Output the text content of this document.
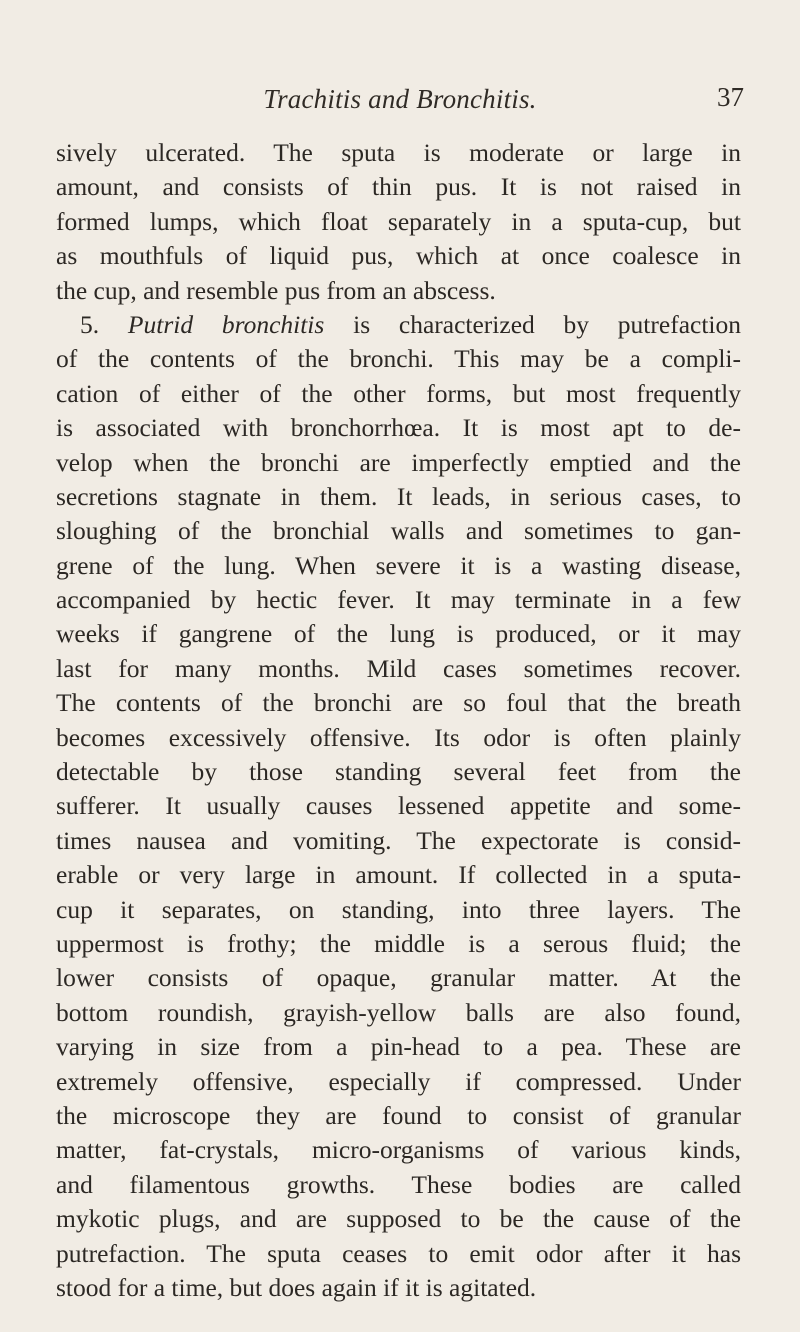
Trachitis and Bronchitis.	37
sively ulcerated. The sputa is moderate or large in
amount, and consists of thin pus. It is not raised in
formed lumps, which float separately in a sputa-cup, but
as mouthfuls of liquid pus, which at once coalesce in
the cup, and resemble pus from an abscess.
5. Putrid bronchitis is characterized by putrefaction
of the contents of the bronchi. This may be a compli-
cation of either of the other forms, but most frequently
is associated with bronchorrhœa. It is most apt to de-
velop when the bronchi are imperfectly emptied and the
secretions stagnate in them. It leads, in serious cases, to
sloughing of the bronchial walls and sometimes to gan-
grene of the lung. When severe it is a wasting disease,
accompanied by hectic fever. It may terminate in a few
weeks if gangrene of the lung is produced, or it may
last for many months. Mild cases sometimes recover.
The contents of the bronchi are so foul that the breath
becomes excessively offensive. Its odor is often plainly
detectable by those standing several feet from the
sufferer. It usually causes lessened appetite and some-
times nausea and vomiting. The expectorate is consid-
erable or very large in amount. If collected in a sputa-
cup it separates, on standing, into three layers. The
uppermost is frothy; the middle is a serous fluid; the
lower consists of opaque, granular matter. At the
bottom roundish, grayish-yellow balls are also found,
varying in size from a pin-head to a pea. These are
extremely offensive, especially if compressed. Under
the microscope they are found to consist of granular
matter, fat-crystals, micro-organisms of various kinds,
and filamentous growths. These bodies are called
mykotic plugs, and are supposed to be the cause of the
putrefaction. The sputa ceases to emit odor after it has
stood for a time, but does again if it is agitated.
